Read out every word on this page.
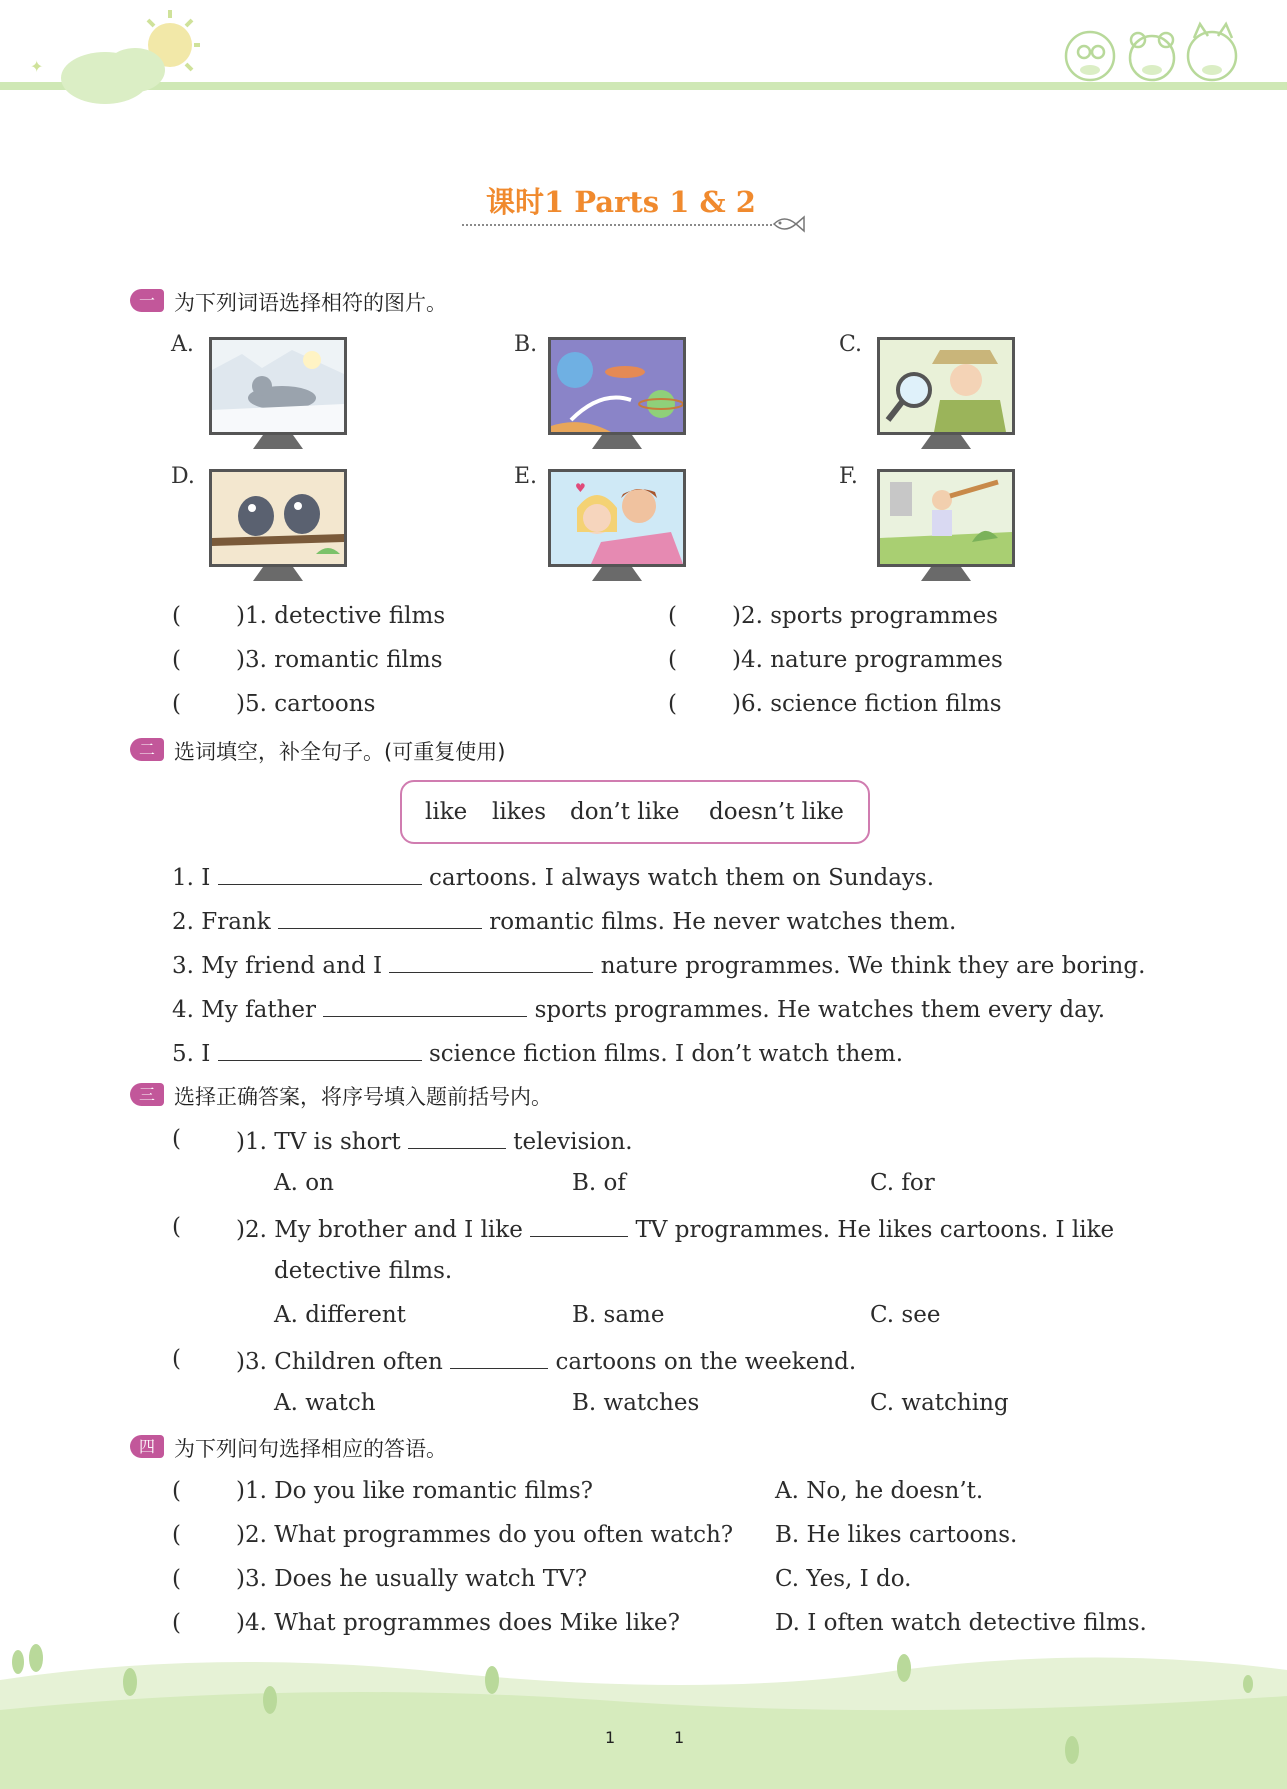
✦
课时1 Parts 1 & 2
一 为下列词语选择相符的图片。
A.	B.	C.
D.	E.	F.
♥
( )1. detective films	( )2. sports programmes
( )3. romantic films	( )4. nature programmes
( )5. cartoons	( )6. science fiction films
二 选词填空，补全句子。(可重复使用)
like likes don’t like doesn’t like
1. I	cartoons. I always watch them on Sundays.
2. Frank	romantic films. He never watches them.
3. My friend and I	nature programmes. We think they are boring.
4. My father	sports programmes. He watches them every day.
5. I	science fiction films. I don’t watch them.
三 选择正确答案，将序号填入题前括号内。
( )1. TV is short	television.
A. on	B. of	C. for
( )2. My brother and I like	TV programmes. He likes cartoons. I like
detective films.
A. different	B. same	C. see
( )3. Children often	cartoons on the weekend.
A. watch	B. watches	C. watching
四 为下列问句选择相应的答语。
( )1. Do you like romantic films?	A. No, he doesn’t.
( )2. What programmes do you often watch? B. He likes cartoons.
( )3. Does he usually watch TV?	C. Yes, I do.
( )4. What programmes does Mike like?	D. I often watch detective films.
1	1
